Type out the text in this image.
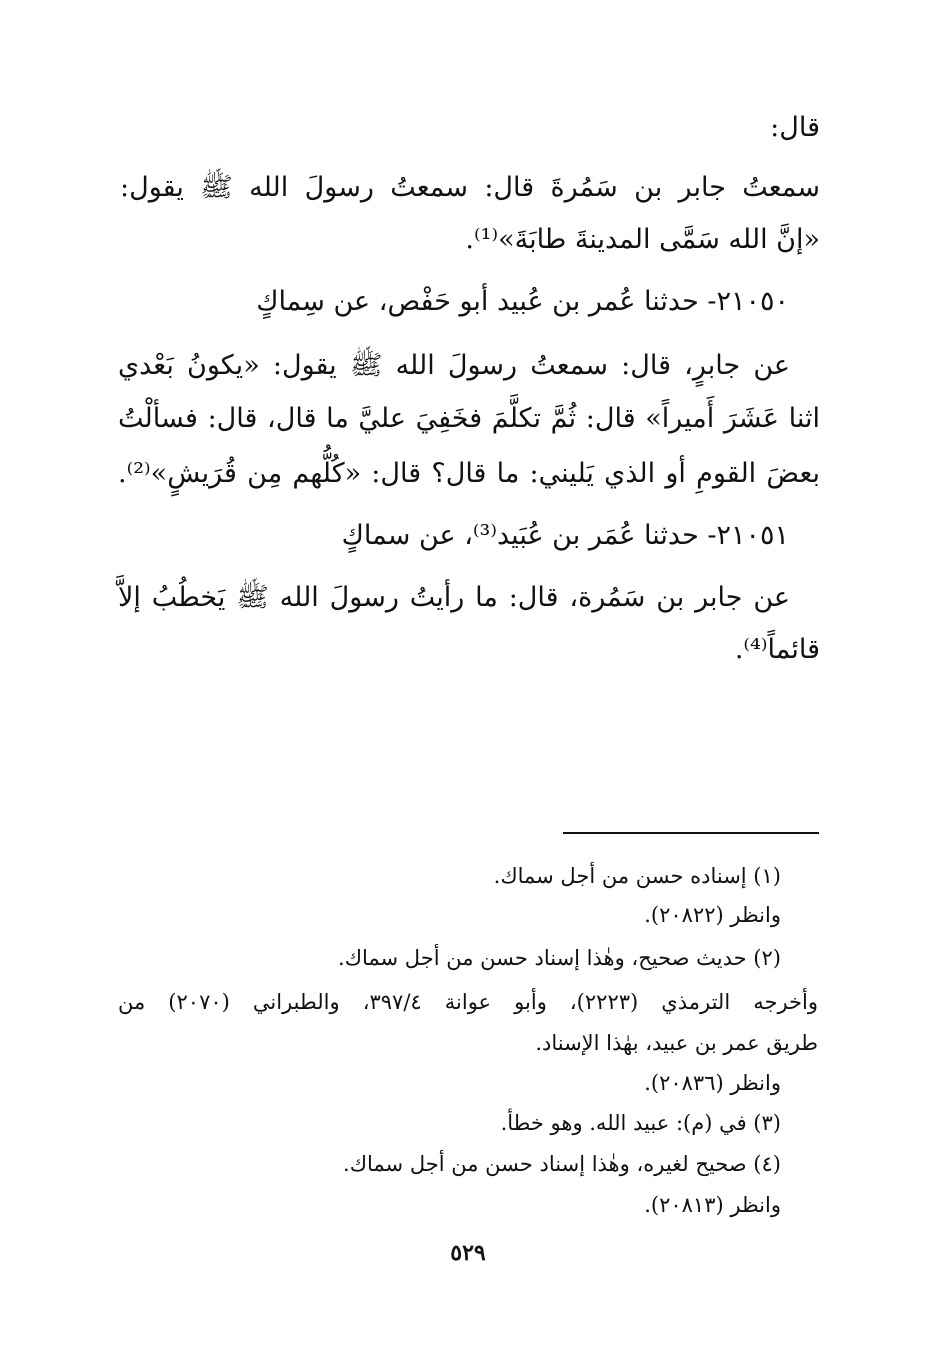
قال:
سمعتُ جابر بن سَمُرةَ قال: سمعتُ رسولَ الله ﷺ يقول:
«إنَّ الله سَمَّى المدينةَ طابَةَ»⁽¹⁾.
٢١٠٥٠- حدثنا عُمر بن عُبيد أبو حَفْص، عن سِماكٍ
عن جابرٍ، قال: سمعتُ رسولَ الله ﷺ يقول: «يكونُ بَعْدي
اثنا عَشَرَ أَميراً» قال: ثُمَّ تكلَّمَ فخَفِيَ عليَّ ما قال، قال: فسألْتُ
بعضَ القومِ أو الذي يَليني: ما قال؟ قال: «كُلُّهم مِن قُرَيشٍ»⁽²⁾.
٢١٠٥١- حدثنا عُمَر بن عُبَيد⁽³⁾، عن سماكٍ
عن جابر بن سَمُرة، قال: ما رأيتُ رسولَ الله ﷺ يَخطُبُ إلاَّ
قائماً⁽⁴⁾.
(١) إسناده حسن من أجل سماك.
وانظر (٢٠٨٢٢).
(٢) حديث صحيح، وهٰذا إسناد حسن من أجل سماك.
وأخرجه الترمذي (٢٢٢٣)، وأبو عوانة ٣٩٧/٤، والطبراني (٢٠٧٠) من
طريق عمر بن عبيد، بهٰذا الإسناد.
وانظر (٢٠٨٣٦).
(٣) في (م): عبيد الله. وهو خطأ.
(٤) صحيح لغيره، وهٰذا إسناد حسن من أجل سماك.
وانظر (٢٠٨١٣).
٥٢٩
